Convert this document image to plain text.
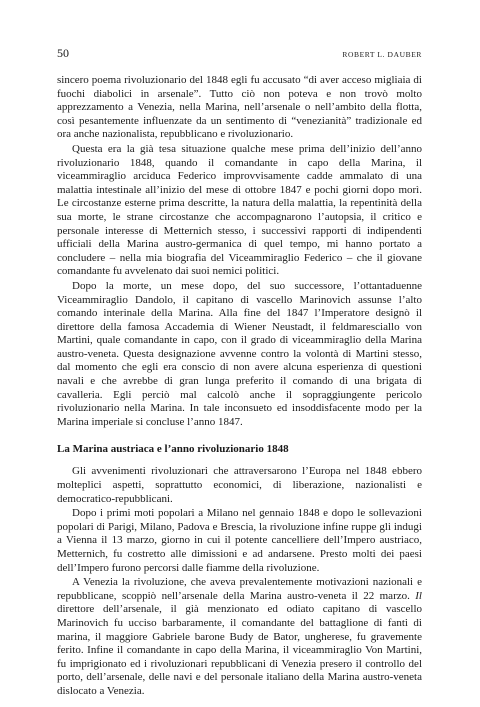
50	ROBERT L. DAUBER

sincero poema rivoluzionario del 1848 egli fu accusato “di aver acceso migliaia di fuochi diabolici in arsenale”. Tutto ciò non poteva e non trovò molto apprezzamento a Venezia, nella Marina, nell’arsenale o nell’ambito della flotta, così pesantemente influenzate da un sentimento di “venezianità” tradizionale ed ora anche nazionalista, repubblicano e rivoluzionario.

Questa era la già tesa situazione qualche mese prima dell’inizio dell’anno rivoluzionario 1848, quando il comandante in capo della Marina, il viceammiraglio arciduca Federico improvvisamente cadde ammalato di una malattia intestinale all’inizio del mese di ottobre 1847 e pochi giorni dopo morì. Le circostanze esterne prima descritte, la natura della malattia, la repentinità della sua morte, le strane circostanze che accompagnarono l’autopsia, il critico e personale interesse di Metternich stesso, i successivi rapporti di indipendenti ufficiali della Marina austro-germanica di quel tempo, mi hanno portato a concludere – nella mia biografia del Viceammiraglio Federico – che il giovane comandante fu avvelenato dai suoi nemici politici.

Dopo la morte, un mese dopo, del suo successore, l’ottantaduenne Viceammiraglio Dandolo, il capitano di vascello Marinovich assunse l’alto comando interinale della Marina. Alla fine del 1847 l’Imperatore designò il direttore della famosa Accademia di Wiener Neustadt, il feldmaresciallo von Martini, quale comandante in capo, con il grado di viceammiraglio della Marina austro-veneta. Questa designazione avvenne contro la volontà di Martini stesso, dal momento che egli era conscio di non avere alcuna esperienza di questioni navali e che avrebbe di gran lunga preferito il comando di una brigata di cavalleria. Egli perciò mal calcolò anche il sopraggiungente pericolo rivoluzionario nella Marina. In tale inconsueto ed insoddisfacente modo per la Marina imperiale si concluse l’anno 1847.

La Marina austriaca e l’anno rivoluzionario 1848

Gli avvenimenti rivoluzionari che attraversarono l’Europa nel 1848 ebbero molteplici aspetti, soprattutto economici, di liberazione, nazionalisti e democratico-repubblicani.

Dopo i primi moti popolari a Milano nel gennaio 1848 e dopo le sollevazioni popolari di Parigi, Milano, Padova e Brescia, la rivoluzione infine ruppe gli indugi a Vienna il 13 marzo, giorno in cui il potente cancelliere dell’Impero austriaco, Metternich, fu costretto alle dimissioni e ad andarsene. Presto molti dei paesi dell’Impero furono percorsi dalle fiamme della rivoluzione.

A Venezia la rivoluzione, che aveva prevalentemente motivazioni nazionali e repubblicane, scoppiò nell’arsenale della Marina austro-veneta il 22 marzo. Il direttore dell’arsenale, il già menzionato ed odiato capitano di vascello Marinovich fu ucciso barbaramente, il comandante del battaglione di fanti di marina, il maggiore Gabriele barone Budy de Bator, ungherese, fu gravemente ferito. Infine il comandante in capo della Marina, il viceammiraglio Von Martini, fu imprigionato ed i rivoluzionari repubblicani di Venezia presero il controllo del porto, dell’arsenale, delle navi e del personale italiano della Marina austro-veneta dislocato a Venezia.
